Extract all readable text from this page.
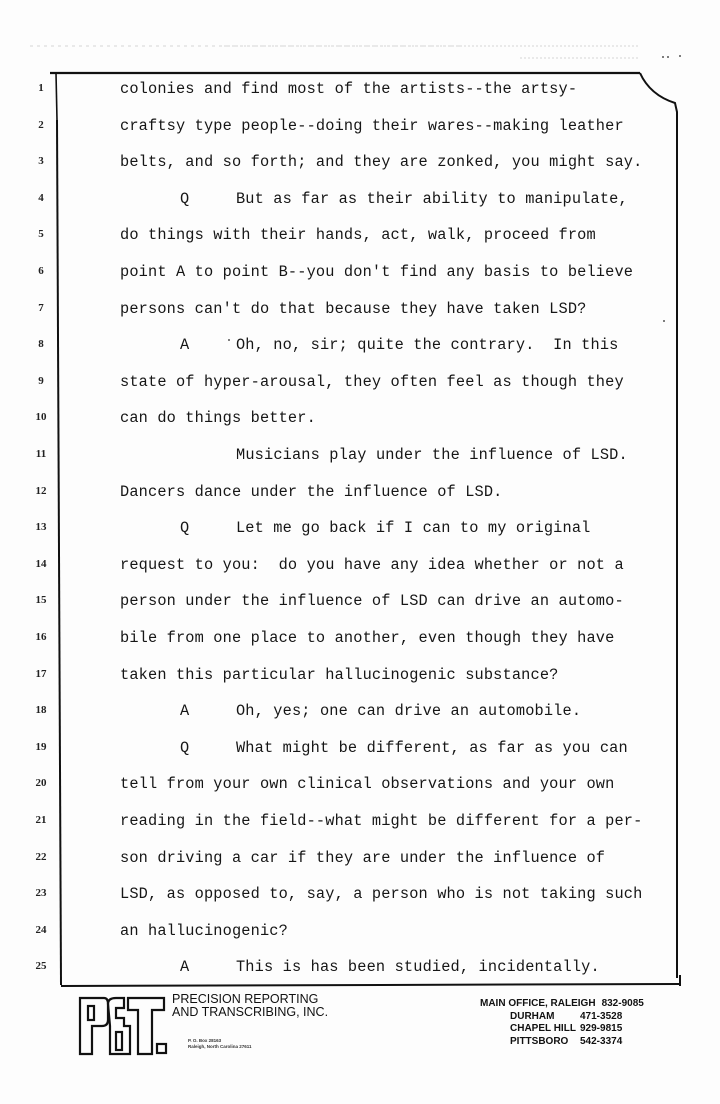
1	colonies and find most of the artists--the artsy-
2	craftsy type people--doing their wares--making leather
3	belts, and so forth; and they are zonked, you might say.
4	Q     But as far as their ability to manipulate,
5	do things with their hands, act, walk, proceed from
6	point A to point B--you don't find any basis to believe
7	persons can't do that because they have taken LSD?
8	A     Oh, no, sir; quite the contrary.  In this
9	state of hyper-arousal, they often feel as though they
10	can do things better.
11	Musicians play under the influence of LSD.
12	Dancers dance under the influence of LSD.
13	Q     Let me go back if I can to my original
14	request to you:  do you have any idea whether or not a
15	person under the influence of LSD can drive an automo-
16	bile from one place to another, even though they have
17	taken this particular hallucinogenic substance?
18	A     Oh, yes; one can drive an automobile.
19	Q     What might be different, as far as you can
20	tell from your own clinical observations and your own
21	reading in the field--what might be different for a per-
22	son driving a car if they are under the influence of
23	LSD, as opposed to, say, a person who is not taking such
24	an hallucinogenic?
25	A     This is has been studied, incidentally.
PRECISION REPORTING
AND TRANSCRIBING, INC.
P. O. Box 28163
Raleigh, North Carolina 27611
MAIN OFFICE, RALEIGH 832-9085
DURHAM	471-3528
CHAPEL HILL 929-9815
PITTSBORO 542-3374
